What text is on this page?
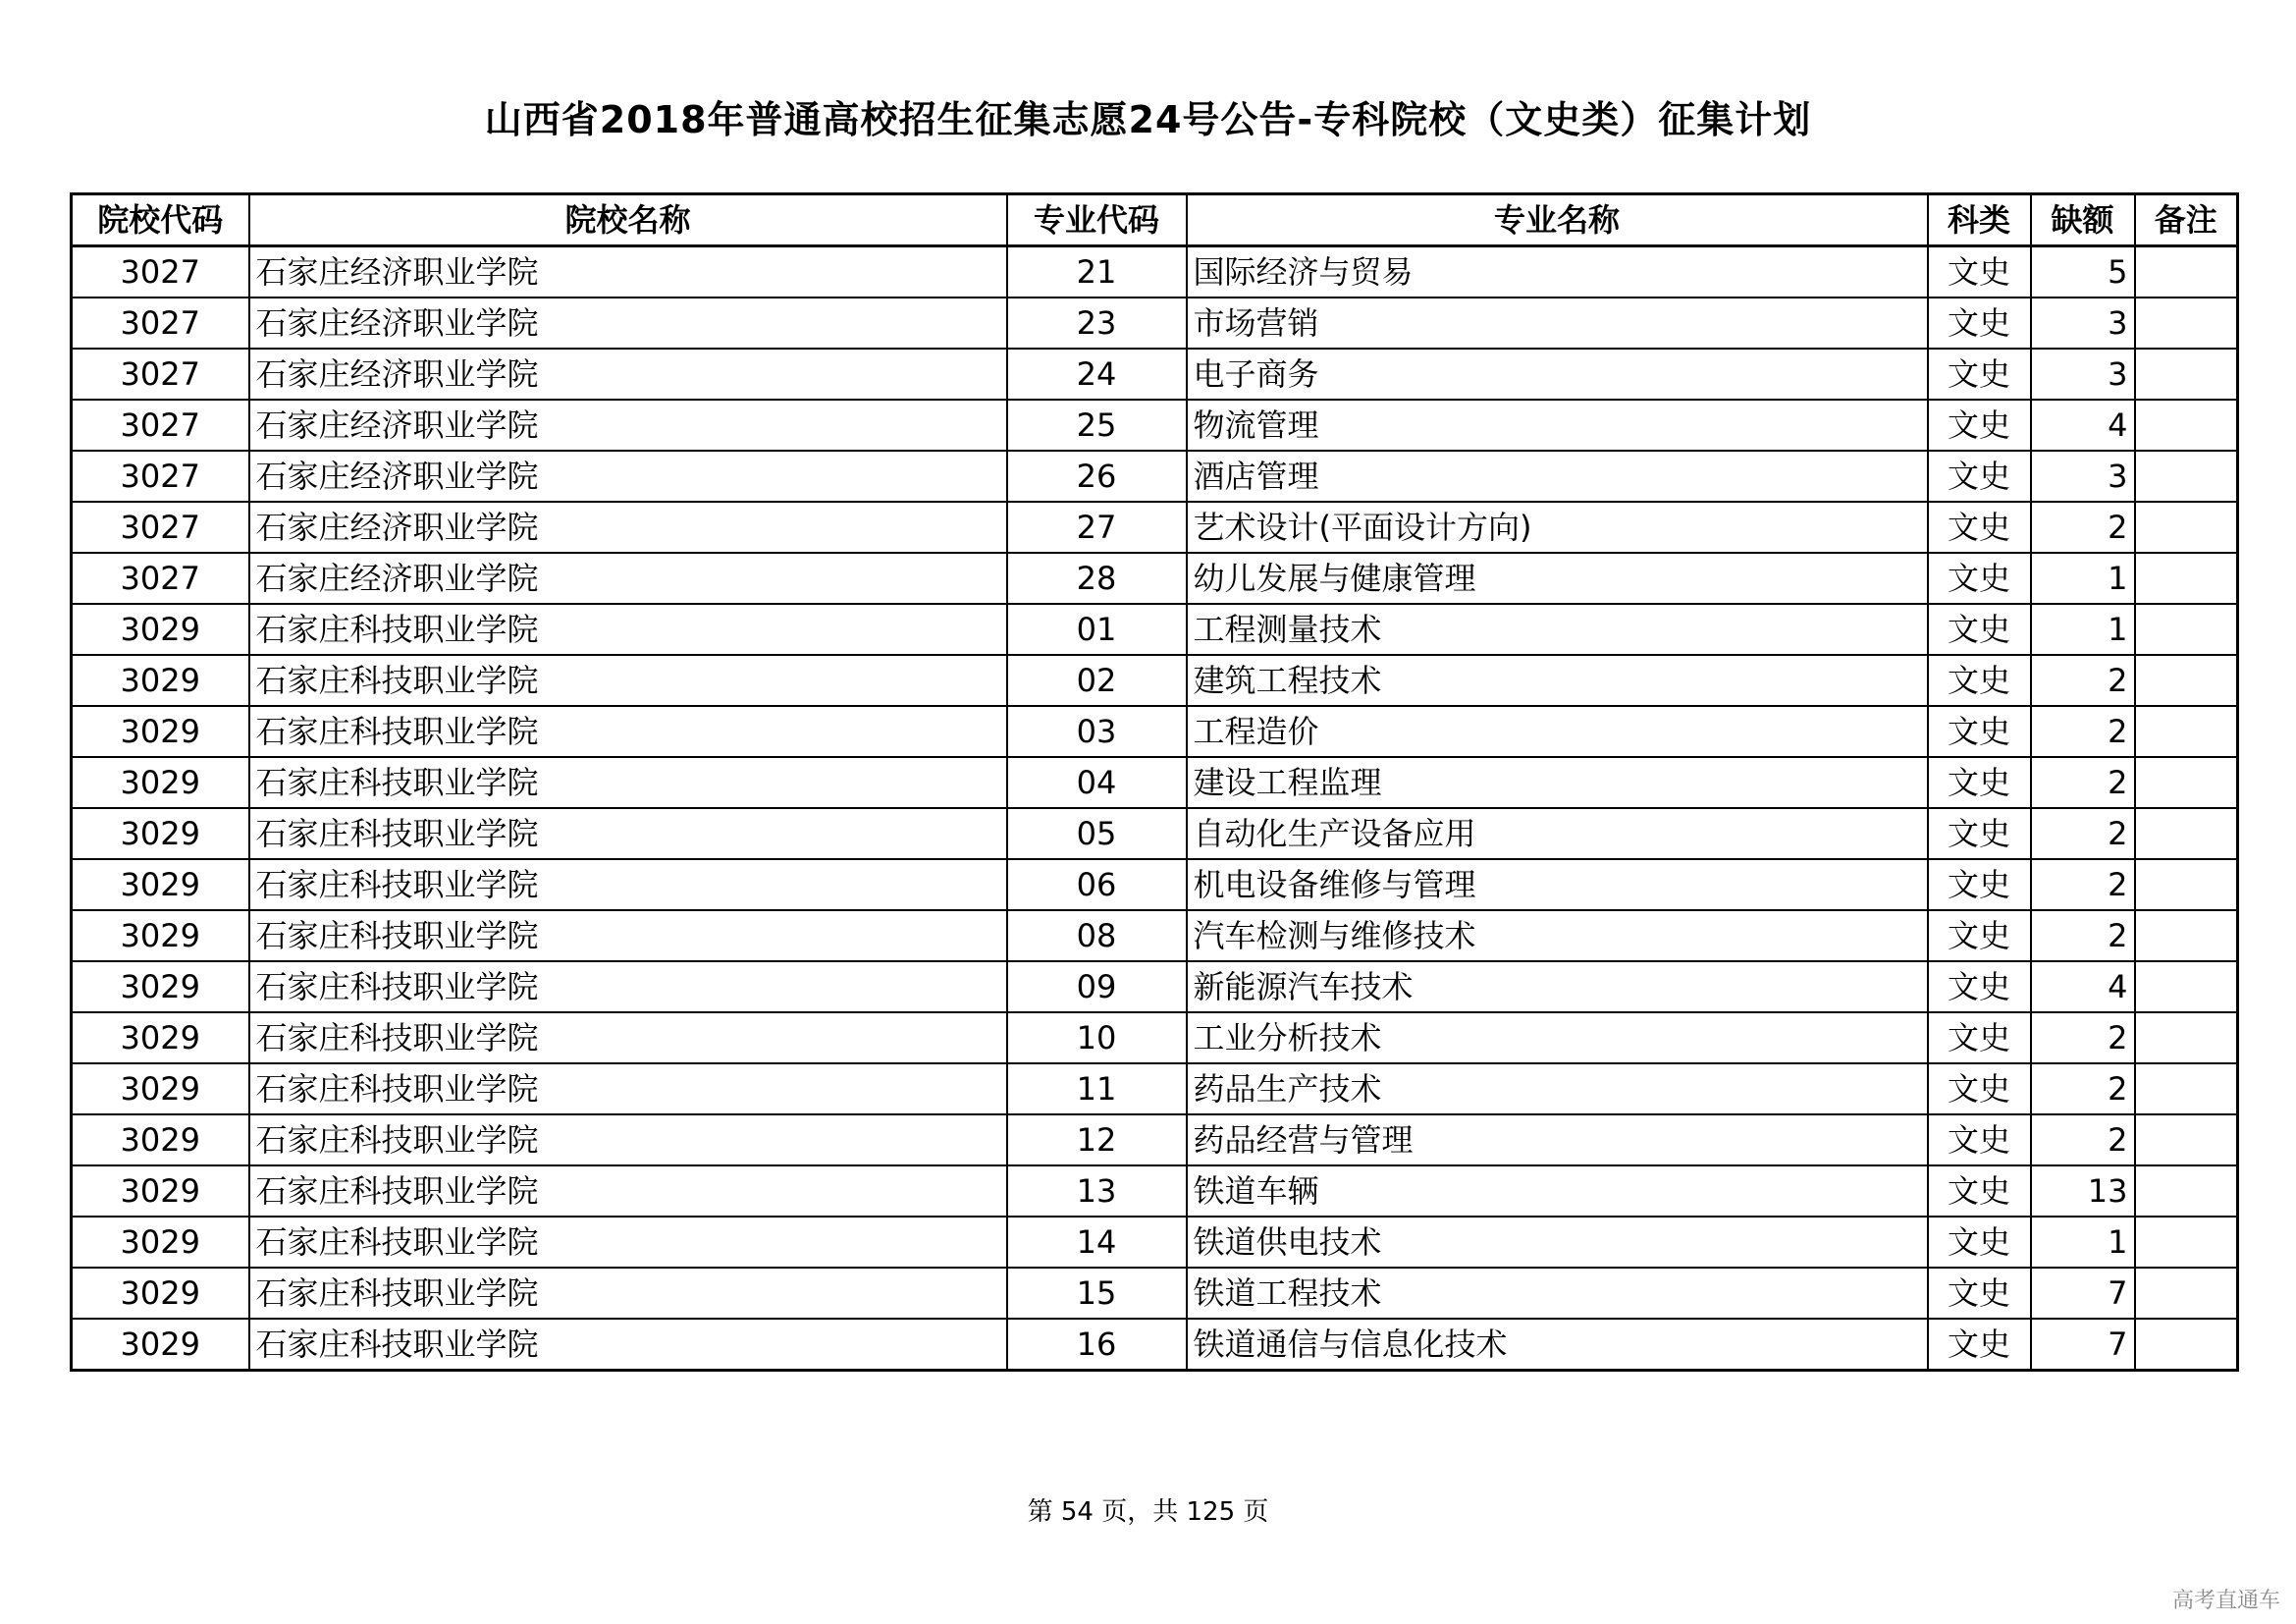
山西省2018年普通高校招生征集志愿24号公告-专科院校（文史类）征集计划
院校代码	院校名称	专业代码	专业名称	科类	缺额	备注
3027	石家庄经济职业学院	21	国际经济与贸易	文史	5	
3027	石家庄经济职业学院	23	市场营销	文史	3	
3027	石家庄经济职业学院	24	电子商务	文史	3	
3027	石家庄经济职业学院	25	物流管理	文史	4	
3027	石家庄经济职业学院	26	酒店管理	文史	3	
3027	石家庄经济职业学院	27	艺术设计(平面设计方向)	文史	2	
3027	石家庄经济职业学院	28	幼儿发展与健康管理	文史	1	
3029	石家庄科技职业学院	01	工程测量技术	文史	1	
3029	石家庄科技职业学院	02	建筑工程技术	文史	2	
3029	石家庄科技职业学院	03	工程造价	文史	2	
3029	石家庄科技职业学院	04	建设工程监理	文史	2	
3029	石家庄科技职业学院	05	自动化生产设备应用	文史	2	
3029	石家庄科技职业学院	06	机电设备维修与管理	文史	2	
3029	石家庄科技职业学院	08	汽车检测与维修技术	文史	2	
3029	石家庄科技职业学院	09	新能源汽车技术	文史	4	
3029	石家庄科技职业学院	10	工业分析技术	文史	2	
3029	石家庄科技职业学院	11	药品生产技术	文史	2	
3029	石家庄科技职业学院	12	药品经营与管理	文史	2	
3029	石家庄科技职业学院	13	铁道车辆	文史	13	
3029	石家庄科技职业学院	14	铁道供电技术	文史	1	
3029	石家庄科技职业学院	15	铁道工程技术	文史	7	
3029	石家庄科技职业学院	16	铁道通信与信息化技术	文史	7	

第 54 页，共 125 页

高考直通车
